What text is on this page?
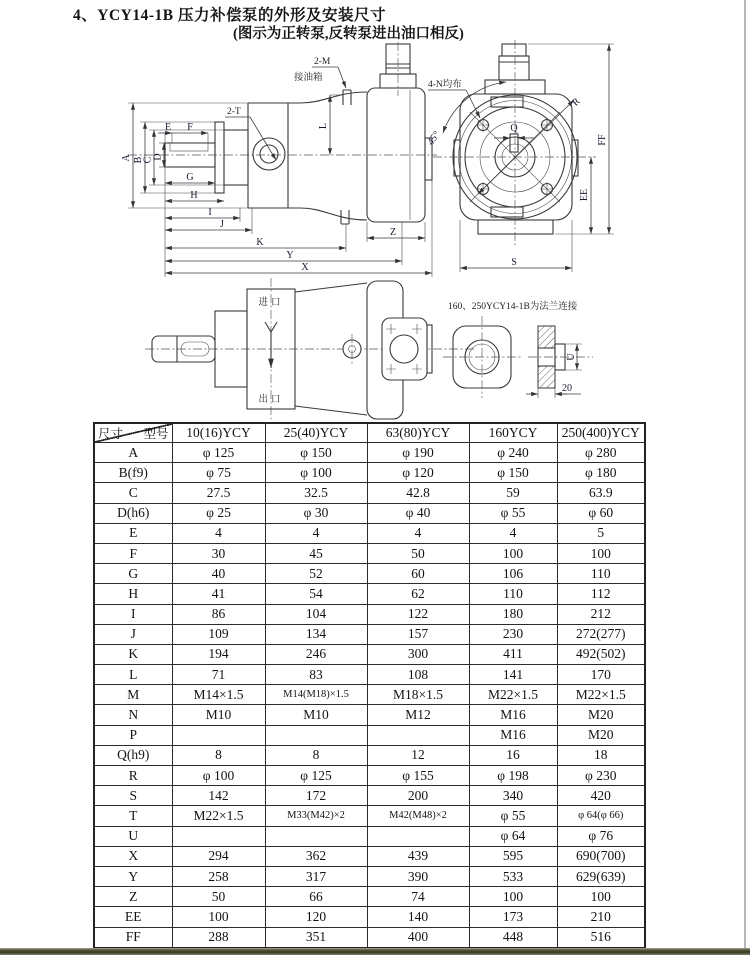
4、YCY14-1B 压力补偿泵的外形及安装尺寸
(图示为正转泵,反转泵进出油口相反)
A B
C D
E F
G
H
I
J
K
Y
X
L
Z
2-M
接油箱
2-T
Q
R
45°
4-N均布
EE
FF
S
进口
出口
160、250YCY14-1B为法兰连接
U
20
尺寸 型号	10(16)YCY	25(40)YCY	63(80)YCY	160YCY	250(400)YCY
A	φ 125	φ 150	φ 190	φ 240	φ 280
B(f9)	φ 75	φ 100	φ 120	φ 150	φ 180
C	27.5	32.5	42.8	59	63.9
D(h6)	φ 25	φ 30	φ 40	φ 55	φ 60
E	4	4	4	4	5
F	30	45	50	100	100
G	40	52	60	106	110
H	41	54	62	110	112
I	86	104	122	180	212
J	109	134	157	230	272(277)
K	194	246	300	411	492(502)
L	71	83	108	141	170
M	M14×1.5	M14(M18)×1.5	M18×1.5	M22×1.5	M22×1.5
N	M10	M10	M12	M16	M20
P				M16	M20
Q(h9)	8	8	12	16	18
R	φ 100	φ 125	φ 155	φ 198	φ 230
S	142	172	200	340	420
T	M22×1.5	M33(M42)×2	M42(M48)×2	φ 55	φ 64(φ 66)
U				φ 64	φ 76
X	294	362	439	595	690(700)
Y	258	317	390	533	629(639)
Z	50	66	74	100	100
EE	100	120	140	173	210
FF	288	351	400	448	516
